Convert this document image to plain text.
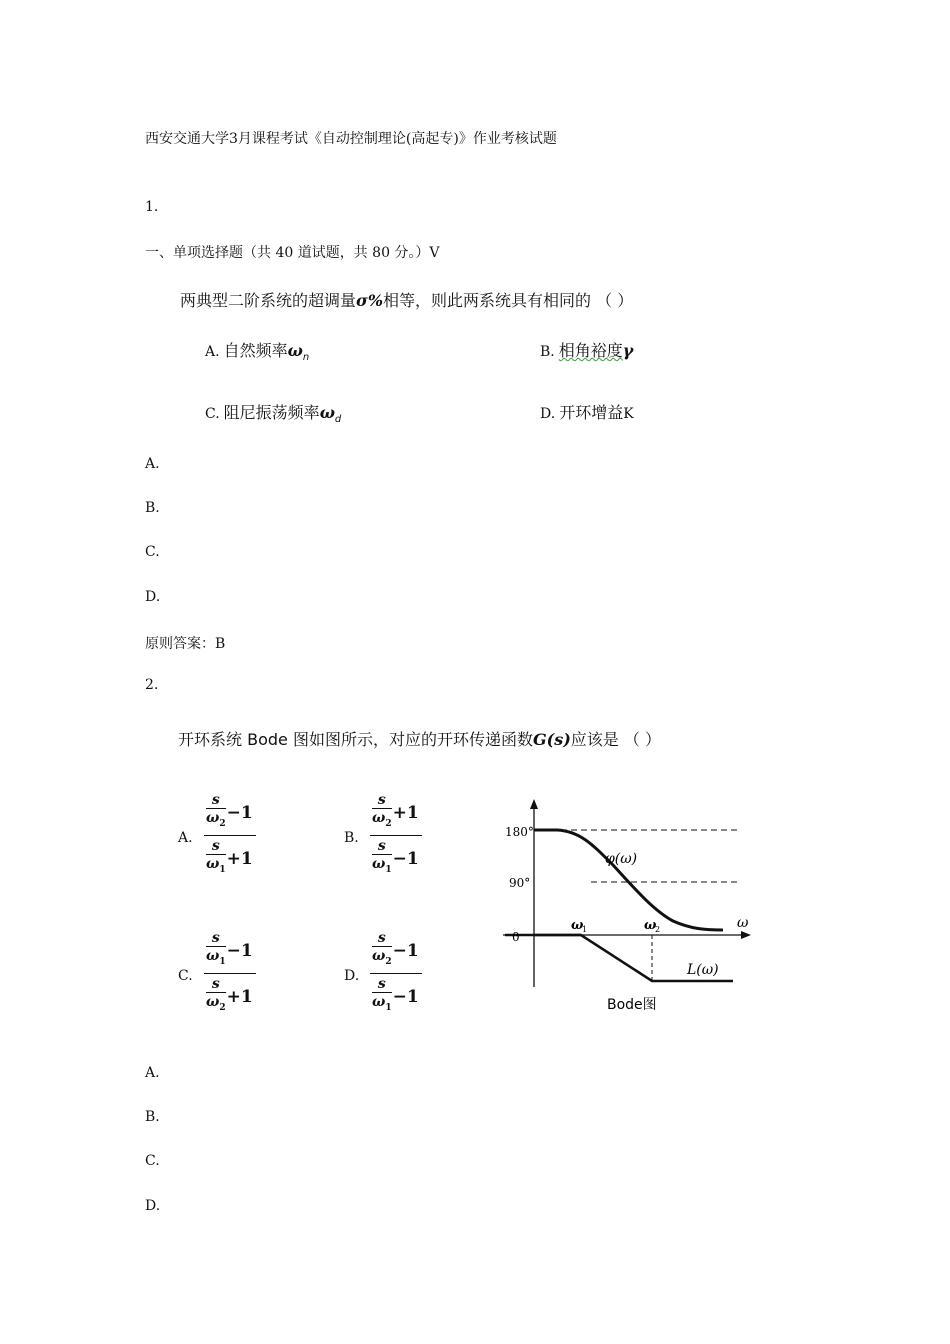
西安交通大学3月课程考试《自动控制理论(高起专)》作业考核试题
1.
一、单项选择题（共 40 道试题，共 80 分。）V
两典型二阶系统的超调量σ%相等，则此两系统具有相同的 （ ）
A. 自然频率$\omega_n$	B. 相角裕度γ
C. 阻尼振荡频率$\omega_d$	D. 开环增益K
A.
B.
C.
D.
原则答案：B
2.
开环系统 Bode 图如图所示，对应的开环传递函数G(s)应该是 （ ）
A.
$\frac{s}{\omega_2} -1$
$\frac{s}{\omega_1} +1$
B.
$\frac{s}{\omega_2} +1$
$\frac{s}{\omega_1} -1$
C.
$\frac{s}{\omega_1} -1$
$\frac{s}{\omega_2} +1$
D.
$\frac{s}{\omega_2} -1$
$\frac{s}{\omega_1} -1$
180°
90°
0
φ(ω)
L(ω)
ω
1	ω
2	ω
Bode图
A.
B.
C.
D.
